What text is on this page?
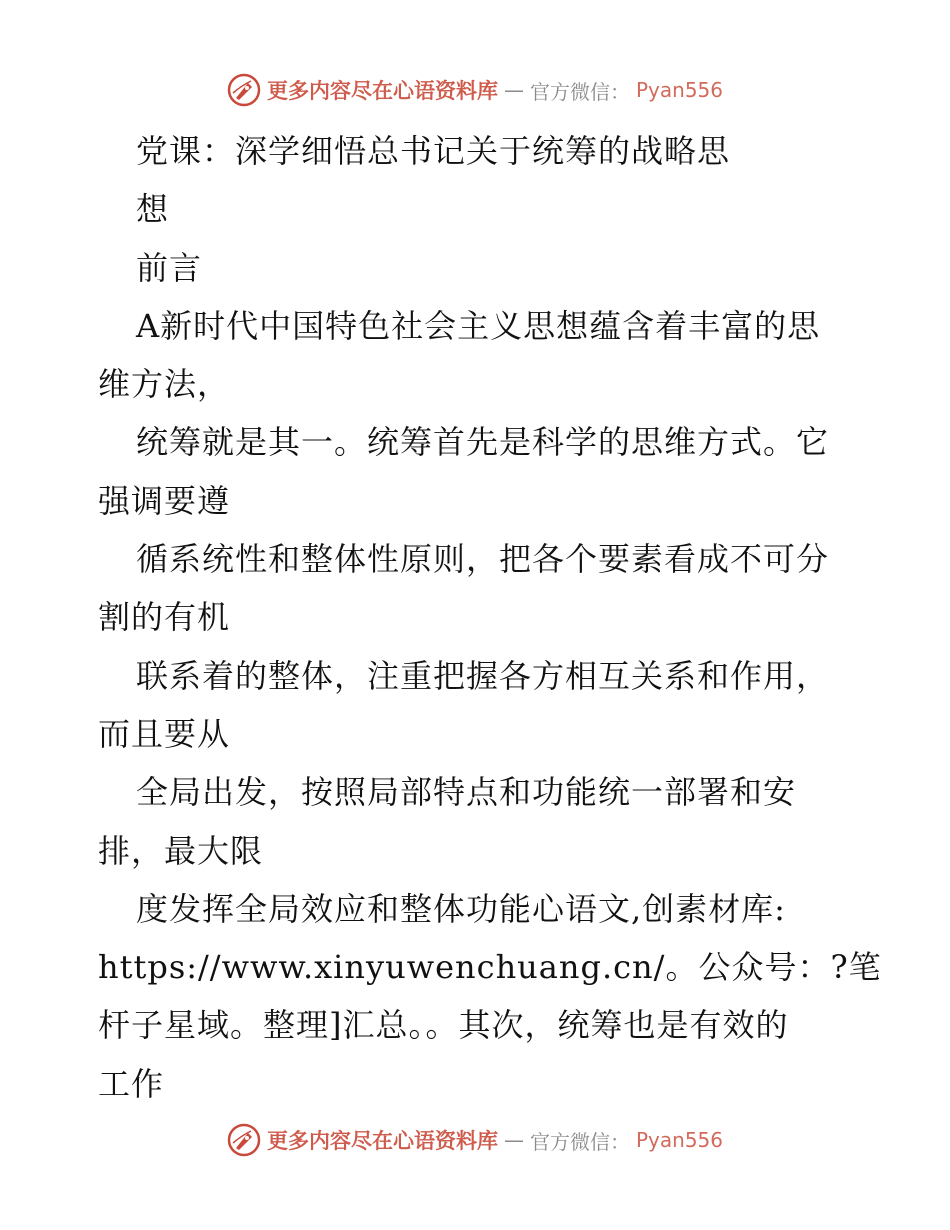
更多内容尽在心语资料库 — 官方微信： Pyan556
党课：深学细悟总书记关于统筹的战略思
想
前言
A新时代中国特色社会主义思想蕴含着丰富的思
维方法，
统筹就是其一。统筹首先是科学的思维方式。它
强调要遵
循系统性和整体性原则，把各个要素看成不可分
割的有机
联系着的整体，注重把握各方相互关系和作用，
而且要从
全局出发，按照局部特点和功能统一部署和安
排，最大限
度发挥全局效应和整体功能心语文,创素材库:
https://www.xinyuwenchuang.cn/。公众号：?笔
杆子星域。整理]汇总。。其次，统筹也是有效的
工作
更多内容尽在心语资料库 — 官方微信： Pyan556
